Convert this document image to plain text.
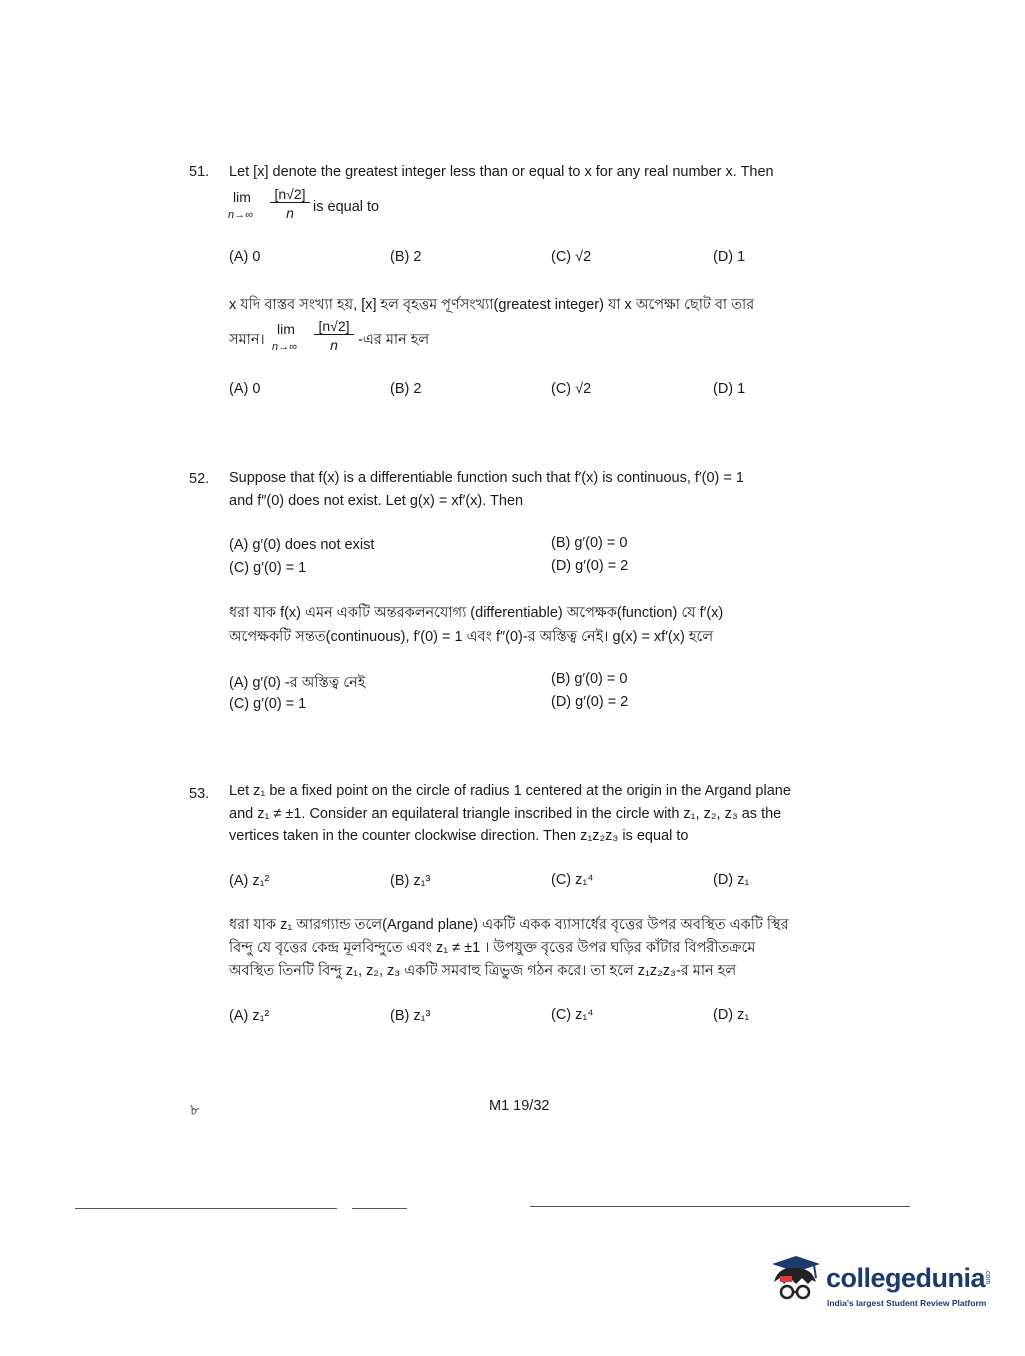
51. Let [x] denote the greatest integer less than or equal to x for any real number x. Then
lim
$n\to\infty \frac{[n√2]}{n}$ is equal to
(A) 0	(B) 2	(C) √2	(D) 1
x যদি বাস্তব সংখ্যা হয়, [x] হল বৃহত্তম পূর্ণসংখ্যা(greatest integer) যা x অপেক্ষা ছোট বা তার
সমান।
lim
$n\to\infty \frac{[n√2]}{n}$ -এর মান হল
(A) 0	(B) 2	(C) √2	(D) 1
52. Suppose that f(x) is a differentiable function such that f′(x) is continuous, f′(0) = 1
and f″(0) does not exist. Let g(x) = xf′(x). Then
(A) g′(0) does not exist	(B) g′(0) = 0
(C) g′(0) = 1	(D) g′(0) = 2
ধরা যাক f(x) এমন একটি অন্তরকলনযোগ্য (differentiable) অপেক্ষক(function) যে f′(x)
অপেক্ষকটি সন্তত(continuous), f′(0) = 1 এবং f″(0)-র অস্তিত্ব নেই। g(x) = xf′(x) হলে
(A) g′(0) -র অস্তিত্ব নেই	(B) g′(0) = 0
(C) g′(0) = 1	(D) g′(0) = 2
53. Let z₁ be a fixed point on the circle of radius 1 centered at the origin in the Argand plane
and z₁ ≠ ±1. Consider an equilateral triangle inscribed in the circle with z₁, z₂, z₃ as the
vertices taken in the counter clockwise direction. Then z₁z₂z₃ is equal to
(A) z₁²	(B) z₁³	(C) z₁⁴	(D) z₁
ধরা যাক z₁ আরগ্যান্ড তলে(Argand plane) একটি একক ব্যাসার্ধের বৃত্তের উপর অবস্থিত একটি স্থির
বিন্দু যে বৃত্তের কেন্দ্র মূলবিন্দুতে এবং z₁ ≠ ±1 । উপযুক্ত বৃত্তের উপর ঘড়ির কাঁটার বিপরীতক্রমে
অবস্থিত তিনটি বিন্দু z₁, z₂, z₃ একটি সমবাহু ত্রিভুজ গঠন করে। তা হলে z₁z₂z₃-র মান হল
(A) z₁²	(B) z₁³	(C) z₁⁴	(D) z₁
৮	M1 19/32
collegedunia
.com
India's largest Student Review Platform
